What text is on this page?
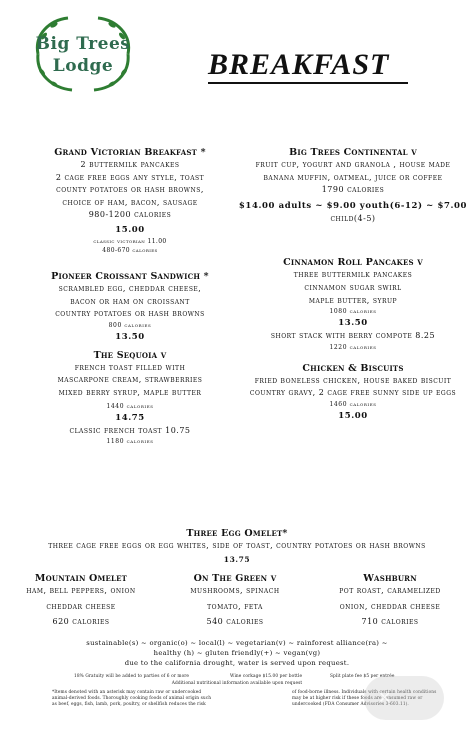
Big Trees
Lodge	BREAKFAST
Grand Victorian Breakfast *
2 buttermilk pancakes
2 cage free eggs any style, toast
county potatoes or hash browns,
choice of ham, bacon, sausage
980-1200 calories
15.00
classic victorian 11.00
480-670 calories
Pioneer Croissant Sandwich *
scrambled egg, cheddar cheese,
bacon or ham on croissant
country potatoes or hash browns
800 calories
13.50
The Sequoia v
french toast filled with
mascarpone cream, strawberries
mixed berry syrup, maple butter
1440 calories
14.75
classic french toast 10.75
1180 calories
Big Trees Continental v
fruit cup, yogurt and granola , house made
banana muffin, oatmeal, juice or coffee
1790 calories
$14.00 adults ~ $9.00 youth(6-12) ~ $7.00
child(4-5)
Cinnamon Roll Pancakes v
three buttermilk pancakes
cinnamon sugar swirl
maple butter, syrup
1080 calories
13.50
short stack with berry compote 8.25
1220 calories
Chicken & Biscuits
fried boneless chicken, house baked biscuit
country gravy, 2 cage free sunny side up eggs
1460 calories
15.00
Three Egg Omelet*
three cage free eggs or egg whites, side of toast, country potatoes or hash browns
13.75
Mountain Omelet
ham, bell peppers, onion
cheddar cheese
620 calories
On The Green v
mushrooms, spinach
tomato, feta
540 calories
Washburn
pot roast, caramelized
onion, cheddar cheese
710 calories
sustainable(s) ~ organic(o) ~ local(l) ~ vegetarian(v) ~ rainforest alliance(ra) ~
healthy (h) ~ gluten friendly(+) ~ vegan(vg)
due to the california drought, water is served upon request.
18% Gratuity will be added to parties of 6 or more	Wine corkage $15.00 per bottle	Split plate fee $5 per entrée
Additional nutritional information available upon request
*Items denoted with an asterisk may contain raw or undercooked animal-derived foods. Thoroughly cooking foods of animal origin such as beef, eggs, fish, lamb, pork, poultry, or shellfish reduces the risk
of food-borne illness. Individuals with certain health conditions may be at higher risk if these foods are consumed raw or undercooked (FDA Consumer Advisories 3-603.11).
✕
